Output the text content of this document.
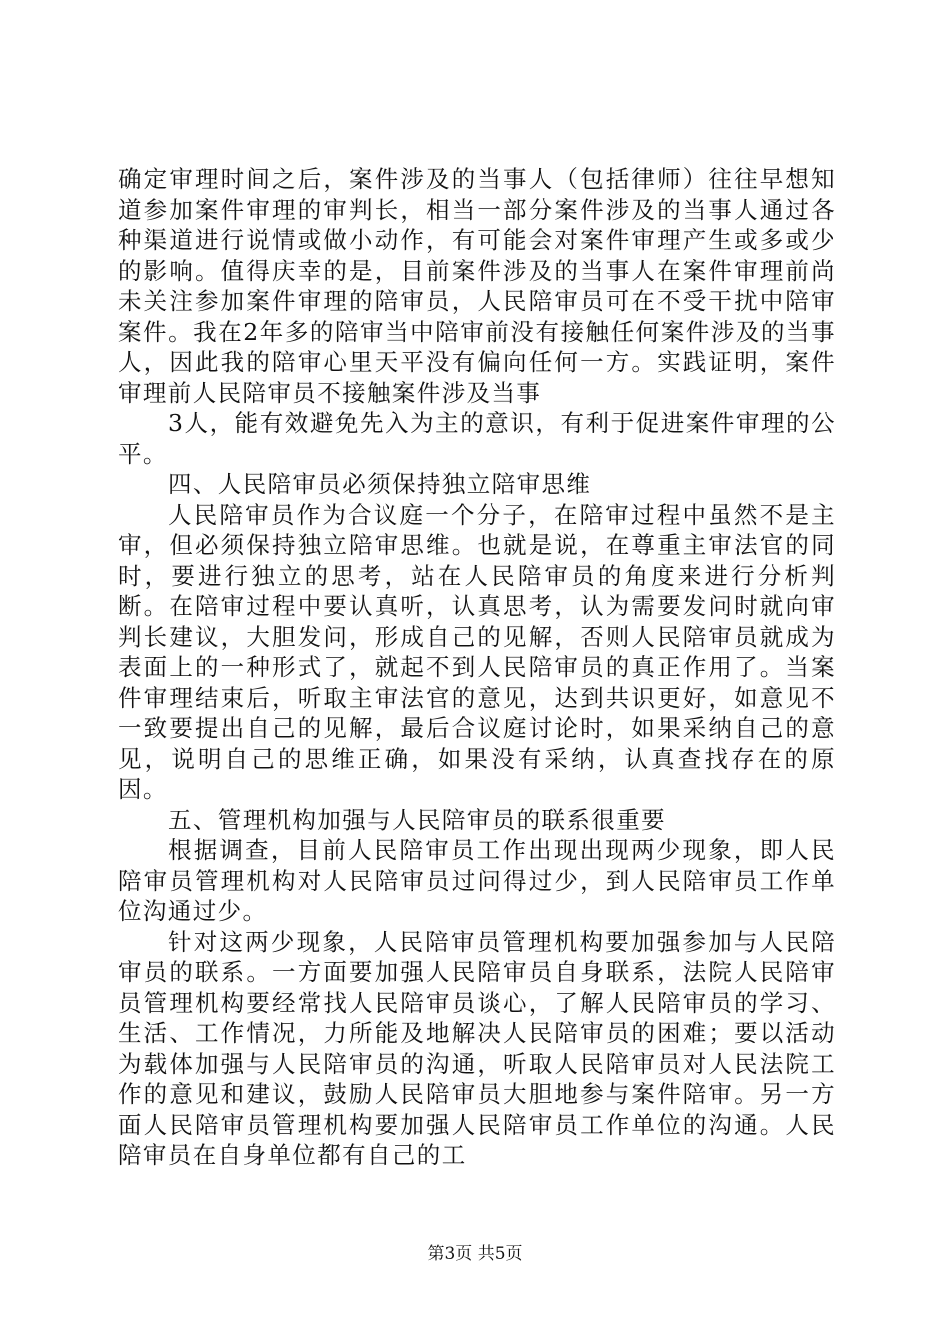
确定审理时间之后，案件涉及的当事人（包括律师）往往早想知道参加案件审理的审判长，相当一部分案件涉及的当事人通过各种渠道进行说情或做小动作，有可能会对案件审理产生或多或少的影响。值得庆幸的是，目前案件涉及的当事人在案件审理前尚未关注参加案件审理的陪审员，人民陪审员可在不受干扰中陪审案件。我在2年多的陪审当中陪审前没有接触任何案件涉及的当事人，因此我的陪审心里天平没有偏向任何一方。实践证明，案件审理前人民陪审员不接触案件涉及当事

3人，能有效避免先入为主的意识，有利于促进案件审理的公平。

四、人民陪审员必须保持独立陪审思维

人民陪审员作为合议庭一个分子，在陪审过程中虽然不是主审，但必须保持独立陪审思维。也就是说，在尊重主审法官的同时，要进行独立的思考，站在人民陪审员的角度来进行分析判断。在陪审过程中要认真听，认真思考，认为需要发问时就向审判长建议，大胆发问，形成自己的见解，否则人民陪审员就成为表面上的一种形式了，就起不到人民陪审员的真正作用了。当案件审理结束后，听取主审法官的意见，达到共识更好，如意见不一致要提出自己的见解，最后合议庭讨论时，如果采纳自己的意见，说明自己的思维正确，如果没有采纳，认真查找存在的原因。

五、管理机构加强与人民陪审员的联系很重要

根据调查，目前人民陪审员工作出现出现两少现象，即人民陪审员管理机构对人民陪审员过问得过少，到人民陪审员工作单位沟通过少。

针对这两少现象，人民陪审员管理机构要加强参加与人民陪审员的联系。一方面要加强人民陪审员自身联系，法院人民陪审员管理机构要经常找人民陪审员谈心，了解人民陪审员的学习、生活、工作情况，力所能及地解决人民陪审员的困难；要以活动为载体加强与人民陪审员的沟通，听取人民陪审员对人民法院工作的意见和建议，鼓励人民陪审员大胆地参与案件陪审。另一方面人民陪审员管理机构要加强人民陪审员工作单位的沟通。人民陪审员在自身单位都有自己的工

第3页 共5页
